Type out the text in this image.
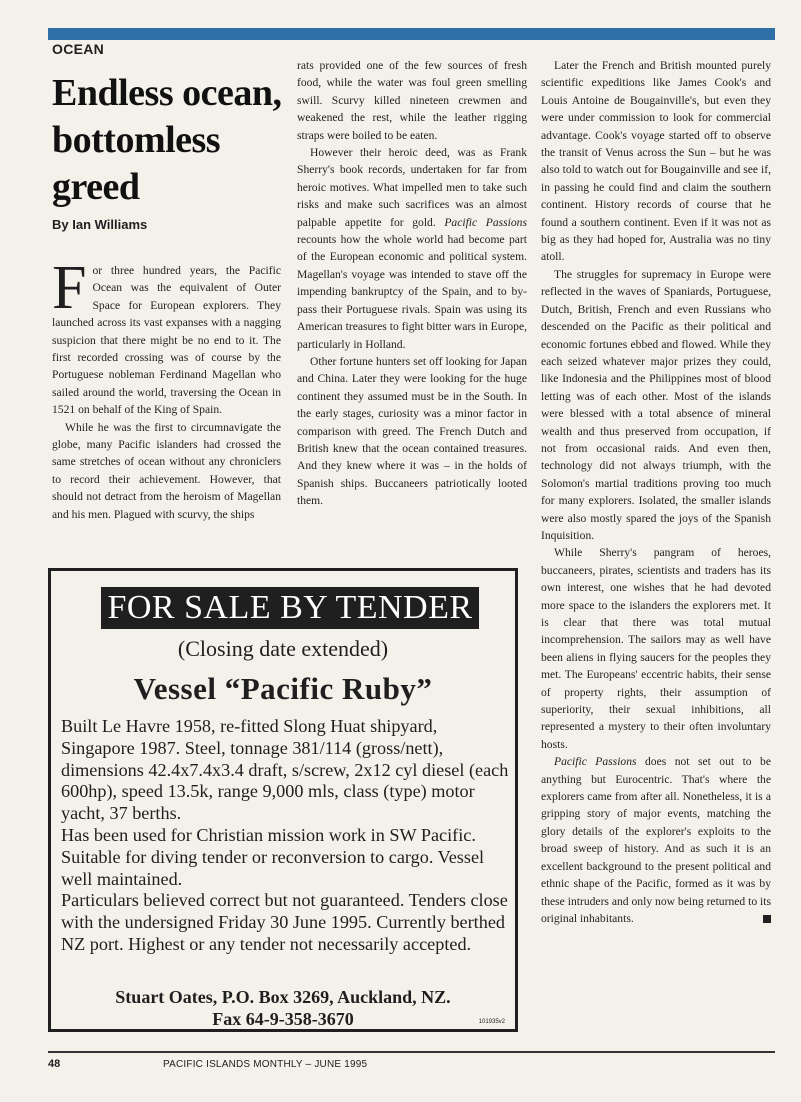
OCEAN
Endless ocean, bottomless greed
By Ian Williams

For three hundred years, the Pacific Ocean was the equivalent of Outer Space for European explorers. They launched across its vast expanses with a nagging suspicion that there might be no end to it. The first recorded crossing was of course by the Portuguese nobleman Ferdinand Magellan who sailed around the world, traversing the Ocean in 1521 on behalf of the King of Spain.

While he was the first to circumnavigate the globe, many Pacific islanders had crossed the same stretches of ocean without any chroniclers to record their achievement. However, that should not detract from the heroism of Magellan and his men. Plagued with scurvy, the ships

rats provided one of the few sources of fresh food, while the water was foul green smelling swill. Scurvy killed nineteen crewmen and weakened the rest, while the leather rigging straps were boiled to be eaten.

However their heroic deed, was as Frank Sherry's book records, undertaken for far from heroic motives. What impelled men to take such risks and make such sacrifices was an almost palpable appetite for gold. Pacific Passions recounts how the whole world had become part of the European economic and political system. Magellan's voyage was intended to stave off the impending bankruptcy of the Spain, and to by-pass their Portuguese rivals. Spain was using its American treasures to fight bitter wars in Europe, particularly in Holland.

Other fortune hunters set off looking for Japan and China. Later they were looking for the huge continent they assumed must be in the South. In the early stages, curiosity was a minor factor in comparison with greed. The French Dutch and British knew that the ocean contained treasures. And they knew where it was – in the holds of Spanish ships. Buccaneers patriotically looted them.

Later the French and British mounted purely scientific expeditions like James Cook's and Louis Antoine de Bougainville's, but even they were under commission to look for commercial advantage. Cook's voyage started off to observe the transit of Venus across the Sun – but he was also told to watch out for Bougainville and see if, in passing he could find and claim the southern continent. History records of course that he found a southern continent. Even if it was not as big as they had hoped for, Australia was no tiny atoll.

The struggles for supremacy in Europe were reflected in the waves of Spaniards, Portuguese, Dutch, British, French and even Russians who descended on the Pacific as their political and economic fortunes ebbed and flowed. While they each seized whatever major prizes they could, like Indonesia and the Philippines most of blood letting was of each other. Most of the islands were blessed with a total absence of mineral wealth and thus preserved from occupation, if not from occasional raids. And even then, technology did not always triumph, with the Solomon's martial traditions proving too much for many explorers. Isolated, the smaller islands were also mostly spared the joys of the Spanish Inquisition.

While Sherry's pangram of heroes, buccaneers, pirates, scientists and traders has its own interest, one wishes that he had devoted more space to the islanders the explorers met. It is clear that there was total mutual incomprehension. The sailors may as well have been aliens in flying saucers for the peoples they met. The Europeans' eccentric habits, their sense of property rights, their assumption of superiority, their sexual inhibitions, all represented a mystery to their often involuntary hosts.

Pacific Passions does not set out to be anything but Eurocentric. That's where the explorers came from after all. Nonetheless, it is a gripping story of major events, matching the glory details of the explorer's exploits to the broad sweep of history. And as such it is an excellent background to the present political and ethnic shape of the Pacific, formed as it was by these intruders and only now being returned to its original inhabitants.

FOR SALE BY TENDER
(Closing date extended)
Vessel “Pacific Ruby”

Built Le Havre 1958, re-fitted Slong Huat shipyard, Singapore 1987. Steel, tonnage 381/114 (gross/nett), dimensions 42.4x7.4x3.4 draft, s/screw, 2x12 cyl diesel (each 600hp), speed 13.5k, range 9,000 mls, class (type) motor yacht, 37 berths.

Has been used for Christian mission work in SW Pacific. Suitable for diving tender or reconversion to cargo. Vessel well maintained.

Particulars believed correct but not guaranteed. Tenders close with the undersigned Friday 30 June 1995. Currently berthed NZ port. Highest or any tender not necessarily accepted.

Stuart Oates, P.O. Box 3269, Auckland, NZ.
Fax 64-9-358-3670	101935v2
48	PACIFIC ISLANDS MONTHLY – JUNE 1995
